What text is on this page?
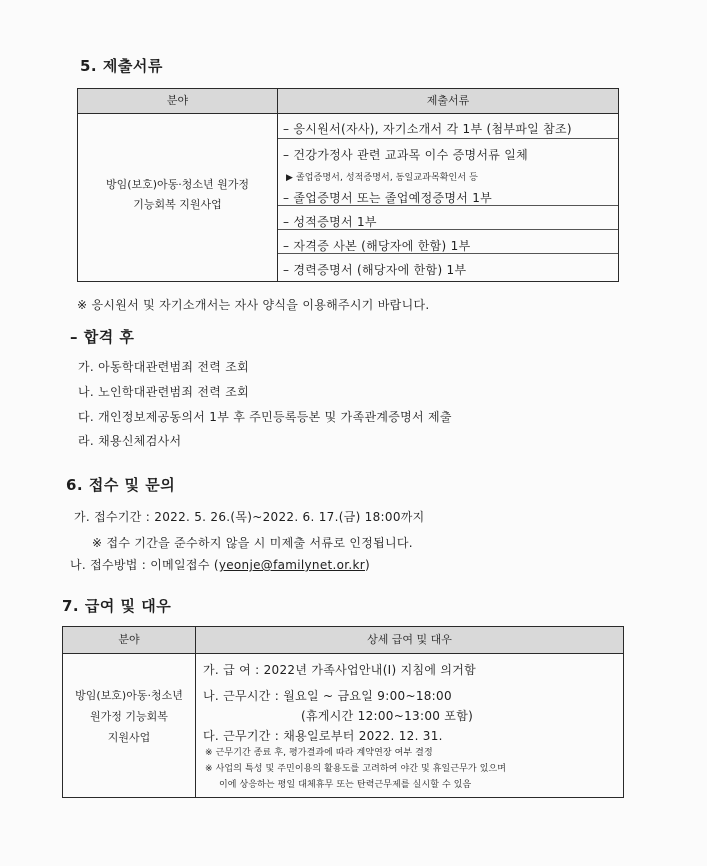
5. 제출서류
분야	제출서류
방임(보호)아동·청소년 원가정
기능회복 지원사업
– 응시원서(자사), 자기소개서 각 1부 (첨부파일 참조)
– 건강가정사 관련 교과목 이수 증명서류 일체
▶ 졸업증명서, 성적증명서, 동일교과목확인서 등
– 졸업증명서 또는 졸업예정증명서 1부
– 성적증명서 1부
– 자격증 사본 (해당자에 한함) 1부
– 경력증명서 (해당자에 한함) 1부
※ 응시원서 및 자기소개서는 자사 양식을 이용해주시기 바랍니다.
– 합격 후
가. 아동학대관련범죄 전력 조회
나. 노인학대관련범죄 전력 조회
다. 개인정보제공동의서 1부 후 주민등록등본 및 가족관계증명서 제출
라. 채용신체검사서
6. 접수 및 문의
가. 접수기간 : 2022. 5. 26.(목)~2022. 6. 17.(금) 18:00까지
※ 접수 기간을 준수하지 않을 시 미제출 서류로 인정됩니다.
나. 접수방법 : 이메일접수 (yeonje@familynet.or.kr)
7. 급여 및 대우
분야	상세 급여 및 대우
방임(보호)아동·청소년
원가정 기능회복
지원사업
가. 급 여 : 2022년 가족사업안내(Ⅰ) 지침에 의거함
나. 근무시간 : 월요일 ~ 금요일 9:00~18:00
(휴게시간 12:00~13:00 포함)
다. 근무기간 : 채용일로부터 2022. 12. 31.
※ 근무기간 종료 후, 평가결과에 따라 계약연장 여부 결정
※ 사업의 특성 및 주민이용의 활용도를 고려하여 야간 및 휴일근무가 있으며
이에 상응하는 평일 대체휴무 또는 탄력근무제를 실시할 수 있음
